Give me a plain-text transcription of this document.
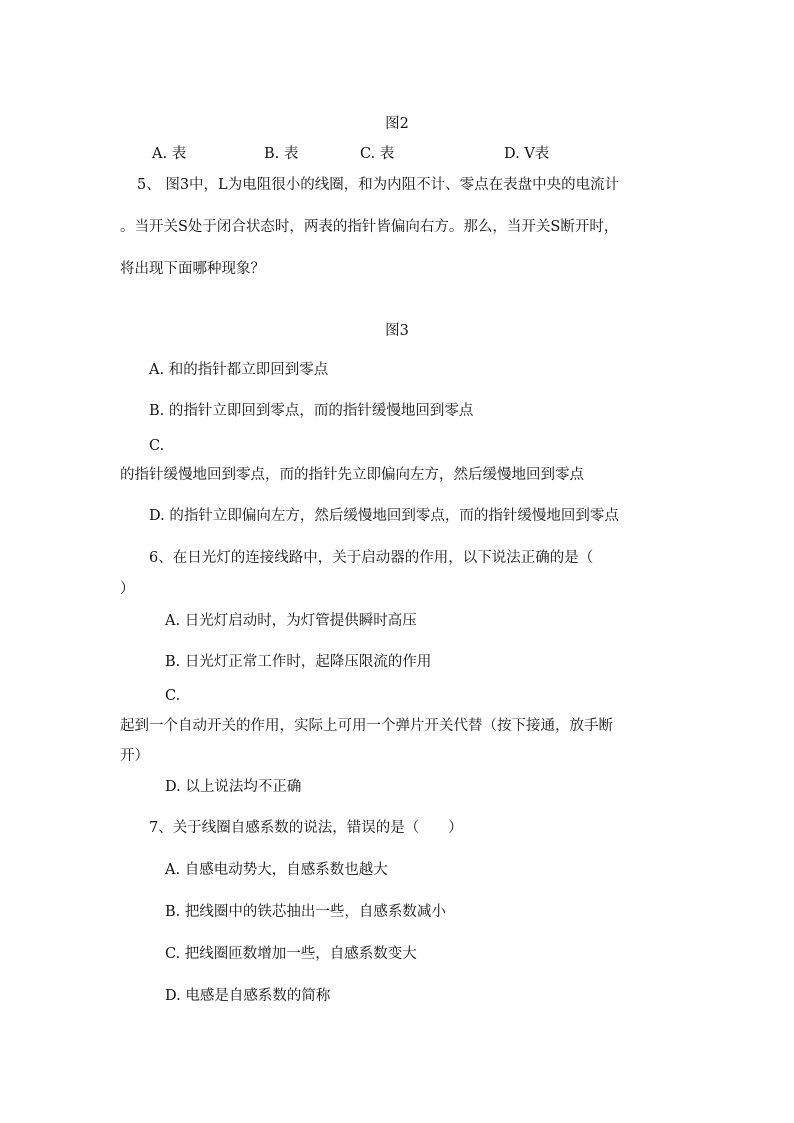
图2
A. 表	B. 表	C. 表	D. V表
5、 图3中，L为电阻很小的线圈，和为内阻不计、零点在表盘中央的电流计
。当开关S处于闭合状态时，两表的指针皆偏向右方。那么，当开关S断开时，
将出现下面哪种现象？
图3
A. 和的指针都立即回到零点
B. 的指针立即回到零点，而的指针缓慢地回到零点
C.
的指针缓慢地回到零点，而的指针先立即偏向左方，然后缓慢地回到零点
D. 的指针立即偏向左方，然后缓慢地回到零点，而的指针缓慢地回到零点
6、在日光灯的连接线路中，关于启动器的作用，以下说法正确的是（
）
A. 日光灯启动时，为灯管提供瞬时高压
B. 日光灯正常工作时，起降压限流的作用
C.
起到一个自动开关的作用，实际上可用一个弹片开关代替（按下接通，放手断
开）
D. 以上说法均不正确
7、关于线圈自感系数的说法，错误的是（　　）
A. 自感电动势大，自感系数也越大
B. 把线圈中的铁芯抽出一些，自感系数减小
C. 把线圈匝数增加一些，自感系数变大
D. 电感是自感系数的简称
